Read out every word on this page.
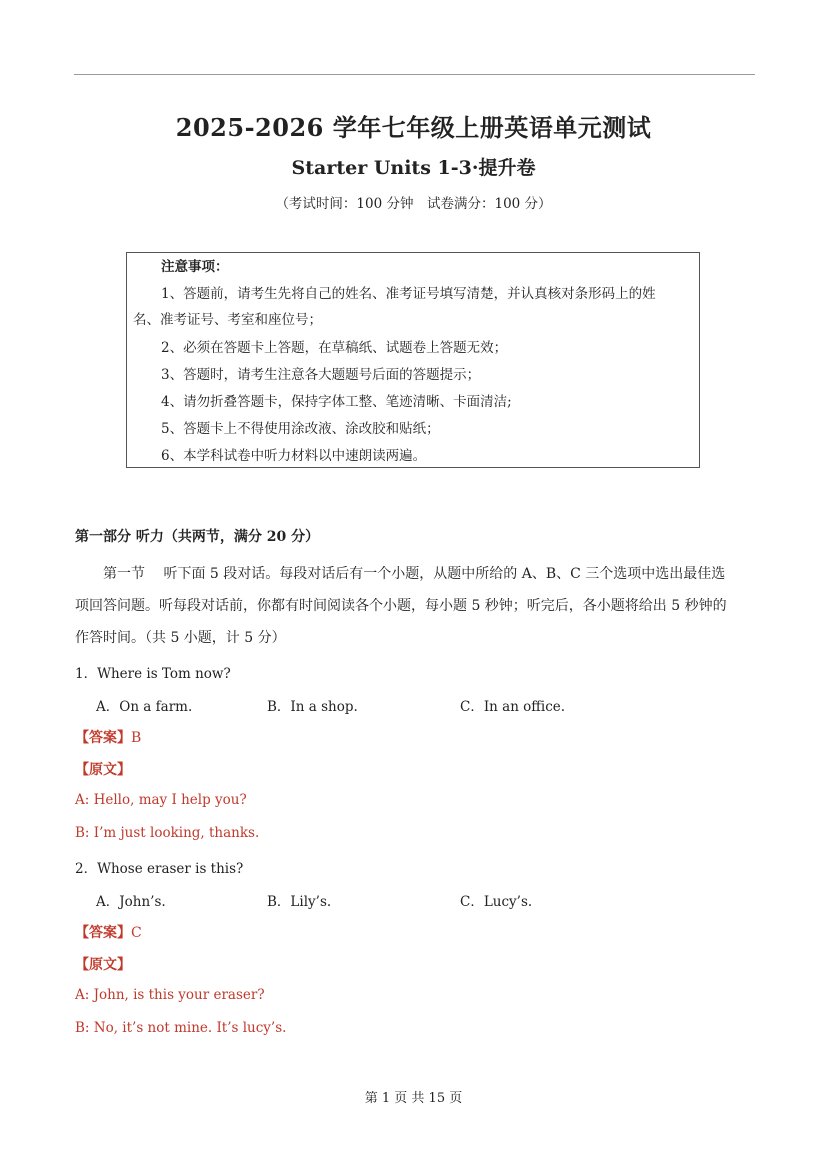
2025-2026 学年七年级上册英语单元测试
Starter Units 1-3·提升卷
（考试时间：100 分钟　试卷满分：100 分）
注意事项：
1、答题前，请考生先将自己的姓名、准考证号填写清楚，并认真核对条形码上的姓
名、准考证号、考室和座位号；
2、必须在答题卡上答题，在草稿纸、试题卷上答题无效；
3、答题时，请考生注意各大题题号后面的答题提示；
4、请勿折叠答题卡，保持字体工整、笔迹清晰、卡面清洁;
5、答题卡上不得使用涂改液、涂改胶和贴纸；
6、本学科试卷中听力材料以中速朗读两遍。
第一部分 听力（共两节，满分 20 分）
第一节　 听下面 5 段对话。每段对话后有一个小题，从题中所给的 A、B、C 三个选项中选出最佳选
项回答问题。听每段对话前，你都有时间阅读各个小题，每小题 5 秒钟；听完后，各小题将给出 5 秒钟的
作答时间。（共 5 小题，计 5 分）
1．Where is Tom now?
A．On a farm.	B．In a shop.	C．In an office.
【答案】B
【原文】
A: Hello, may I help you?
B: I’m just looking, thanks.
2．Whose eraser is this?
A．John’s.	B．Lily’s.	C．Lucy’s.
【答案】C
【原文】
A: John, is this your eraser?
B: No, it’s not mine. It’s lucy’s.
第 1 页 共 15 页
